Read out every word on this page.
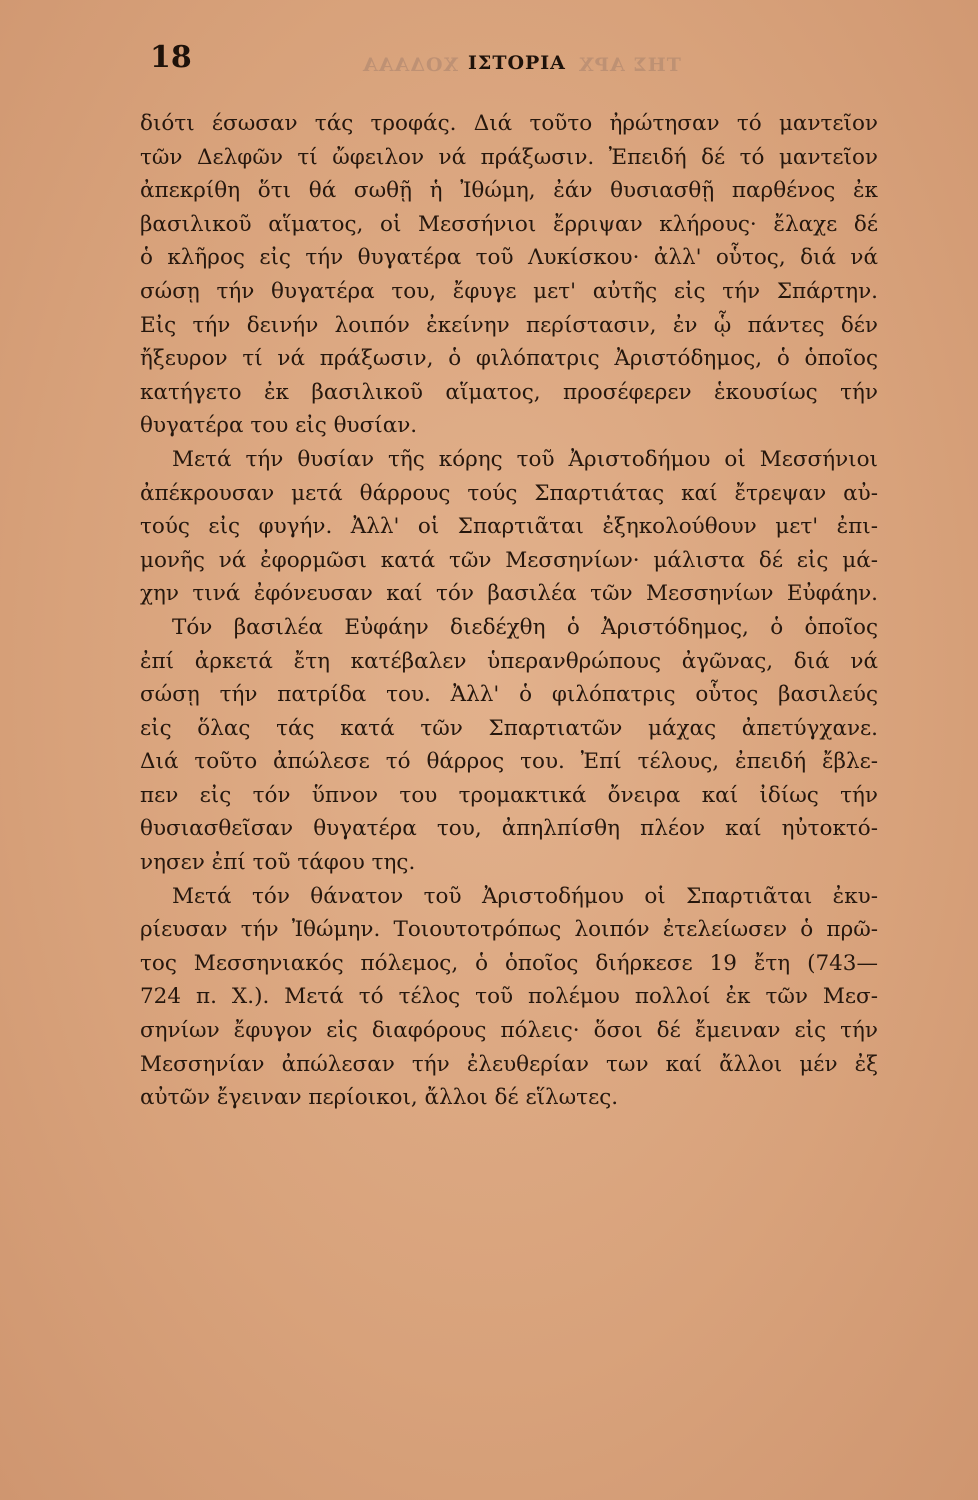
ΧΟΔΑΑΑ
18	ΙΣΤΟΡΙΑ ΤΗΣ ΑΡΧ
διότι έσωσαν τάς τροφάς. Διά τοῦτο ἠρώτησαν τό μαντεῖον
τῶν Δελφῶν τί ὤφειλον νά πράξωσιν. Ἐπειδή δέ τό μαντεῖον
ἀπεκρίθη ὅτι θά σωθῇ ἡ Ἰθώμη, ἐάν θυσιασθῇ παρθένος ἐκ
βασιλικοῦ αἵματος, οἱ Μεσσήνιοι ἔρριψαν κλήρους· ἔλαχε δέ
ὁ κλῆρος εἰς τήν θυγατέρα τοῦ Λυκίσκου· ἀλλ' οὗτος, διά νά
σώσῃ τήν θυγατέρα του, ἔφυγε μετ' αὐτῆς εἰς τήν Σπάρτην.
Εἰς τήν δεινήν λοιπόν ἐκείνην περίστασιν, ἐν ᾧ πάντες δέν
ἤξευρον τί νά πράξωσιν, ὁ φιλόπατρις Ἀριστόδημος, ὁ ὁποῖος
κατήγετο ἐκ βασιλικοῦ αἵματος, προσέφερεν ἑκουσίως τήν
θυγατέρα του εἰς θυσίαν.
Μετά τήν θυσίαν τῆς κόρης τοῦ Ἀριστοδήμου οἱ Μεσσήνιοι
ἀπέκρουσαν μετά θάρρους τούς Σπαρτιάτας καί ἔτρεψαν αὐ-
τούς εἰς φυγήν. Ἀλλ' οἱ Σπαρτιᾶται ἐξηκολούθουν μετ' ἐπι-
μονῆς νά ἐφορμῶσι κατά τῶν Μεσσηνίων· μάλιστα δέ εἰς μά-
χην τινά ἐφόνευσαν καί τόν βασιλέα τῶν Μεσσηνίων Εὐφάην.
Τόν βασιλέα Εὐφάην διεδέχθη ὁ Ἀριστόδημος, ὁ ὁποῖος
ἐπί ἀρκετά ἔτη κατέβαλεν ὑπερανθρώπους ἀγῶνας, διά νά
σώσῃ τήν πατρίδα του. Ἀλλ' ὁ φιλόπατρις οὗτος βασιλεύς
εἰς ὅλας τάς κατά τῶν Σπαρτιατῶν μάχας ἀπετύγχανε.
Διά τοῦτο ἀπώλεσε τό θάρρος του. Ἐπί τέλους, ἐπειδή ἔβλε-
πεν εἰς τόν ὕπνον του τρομακτικά ὄνειρα καί ἰδίως τήν
θυσιασθεῖσαν θυγατέρα του, ἀπηλπίσθη πλέον καί ηὐτοκτό-
νησεν ἐπί τοῦ τάφου της.
Μετά τόν θάνατον τοῦ Ἀριστοδήμου οἱ Σπαρτιᾶται ἐκυ-
ρίευσαν τήν Ἰθώμην. Τοιουτοτρόπως λοιπόν ἐτελείωσεν ὁ πρῶ-
τος Μεσσηνιακός πόλεμος, ὁ ὁποῖος διήρκεσε 19 ἔτη (743—
724 π. Χ.). Μετά τό τέλος τοῦ πολέμου πολλοί ἐκ τῶν Μεσ-
σηνίων ἔφυγον εἰς διαφόρους πόλεις· ὅσοι δέ ἔμειναν εἰς τήν
Μεσσηνίαν ἀπώλεσαν τήν ἐλευθερίαν των καί ἄλλοι μέν ἐξ
αὐτῶν ἔγειναν περίοικοι, ἄλλοι δέ εἵλωτες.
